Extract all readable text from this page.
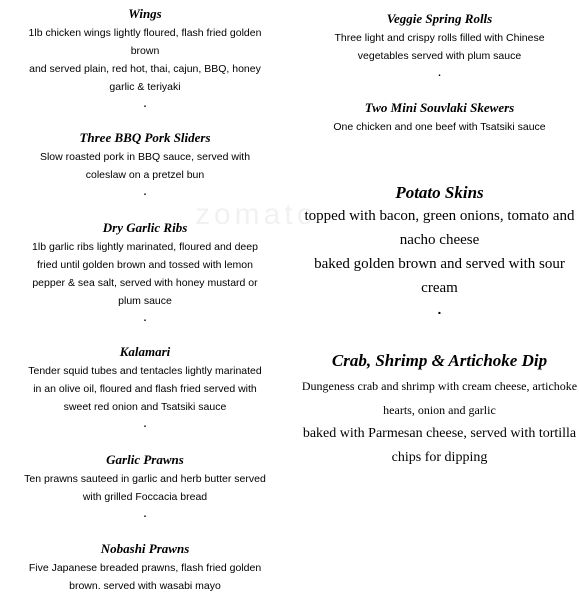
zomato

Wings

1lb chicken wings lightly floured, flash fried golden

brown

and served plain, red hot, thai, cajun, BBQ, honey

garlic & teriyaki

.

Three BBQ Pork Sliders

Slow roasted pork in BBQ sauce, served with

coleslaw on a pretzel bun

.

Dry Garlic Ribs

1lb garlic ribs lightly marinated, floured and deep

fried until golden brown and tossed with lemon

pepper & sea salt, served with honey mustard or

plum sauce

.

Kalamari

Tender squid tubes and tentacles lightly marinated

in an olive oil, floured and flash fried served with

sweet red onion and Tsatsiki sauce

.

Garlic Prawns

Ten prawns sauteed in garlic and herb butter served

with grilled Foccacia bread

.

Nobashi Prawns

Five Japanese breaded prawns, flash fried golden

brown. served with wasabi mayo

Veggie Spring Rolls

Three light and crispy rolls filled with Chinese

vegetables served with plum sauce

.

Two Mini Souvlaki Skewers

One chicken and one beef with Tsatsiki sauce

Potato Skins

topped with bacon, green onions, tomato and

nacho cheese

baked golden brown and served with sour

cream

.

Crab, Shrimp & Artichoke Dip

Dungeness crab and shrimp with cream cheese, artichoke

hearts, onion and garlic

baked with Parmesan cheese, served with tortilla

chips for dipping
